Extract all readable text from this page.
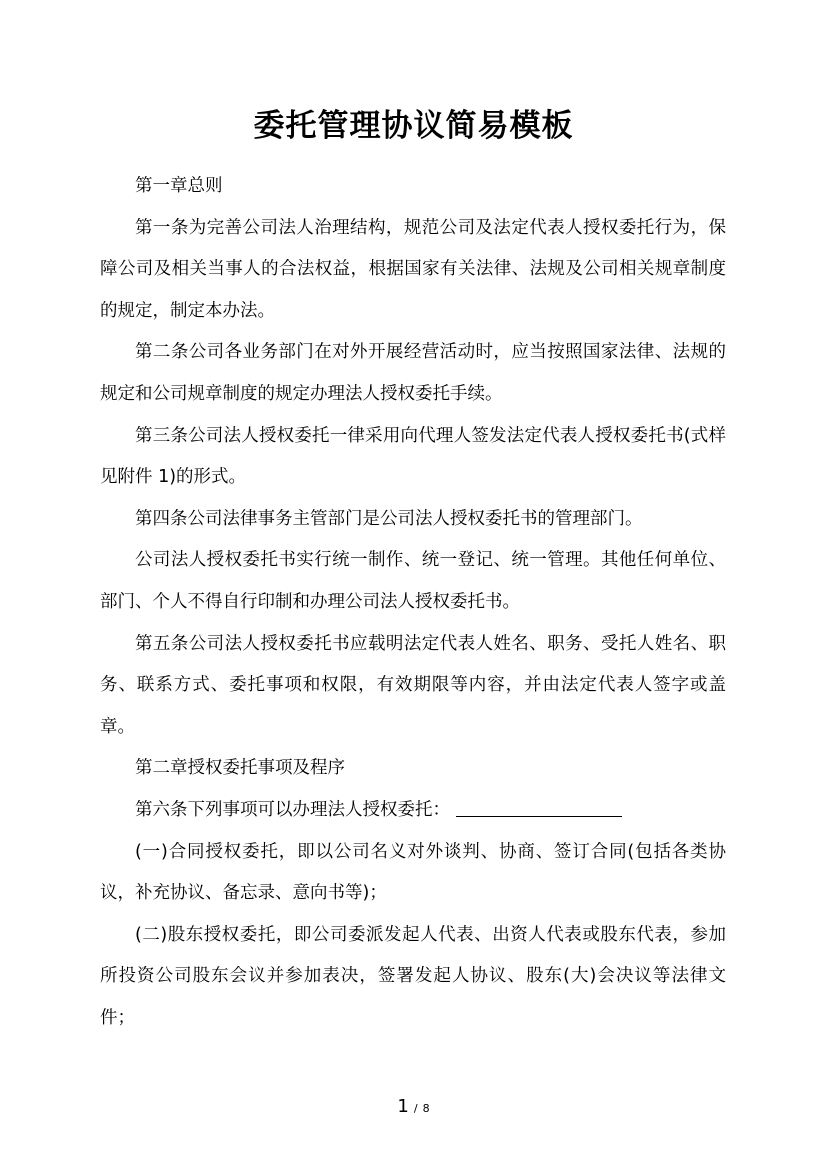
委托管理协议简易模板

第一章总则

第一条为完善公司法人治理结构，规范公司及法定代表人授权委托行为，保障公司及相关当事人的合法权益，根据国家有关法律、法规及公司相关规章制度的规定，制定本办法。

第二条公司各业务部门在对外开展经营活动时，应当按照国家法律、法规的规定和公司规章制度的规定办理法人授权委托手续。

第三条公司法人授权委托一律采用向代理人签发法定代表人授权委托书(式样见附件 1)的形式。

第四条公司法律事务主管部门是公司法人授权委托书的管理部门。

公司法人授权委托书实行统一制作、统一登记、统一管理。其他任何单位、部门、个人不得自行印制和办理公司法人授权委托书。

第五条公司法人授权委托书应载明法定代表人姓名、职务、受托人姓名、职务、联系方式、委托事项和权限，有效期限等内容，并由法定代表人签字或盖章。

第二章授权委托事项及程序

第六条下列事项可以办理法人授权委托：

(一)合同授权委托，即以公司名义对外谈判、协商、签订合同(包括各类协议，补充协议、备忘录、意向书等)；

(二)股东授权委托，即公司委派发起人代表、出资人代表或股东代表，参加所投资公司股东会议并参加表决，签署发起人协议、股东(大)会决议等法律文件；

1 / 8
